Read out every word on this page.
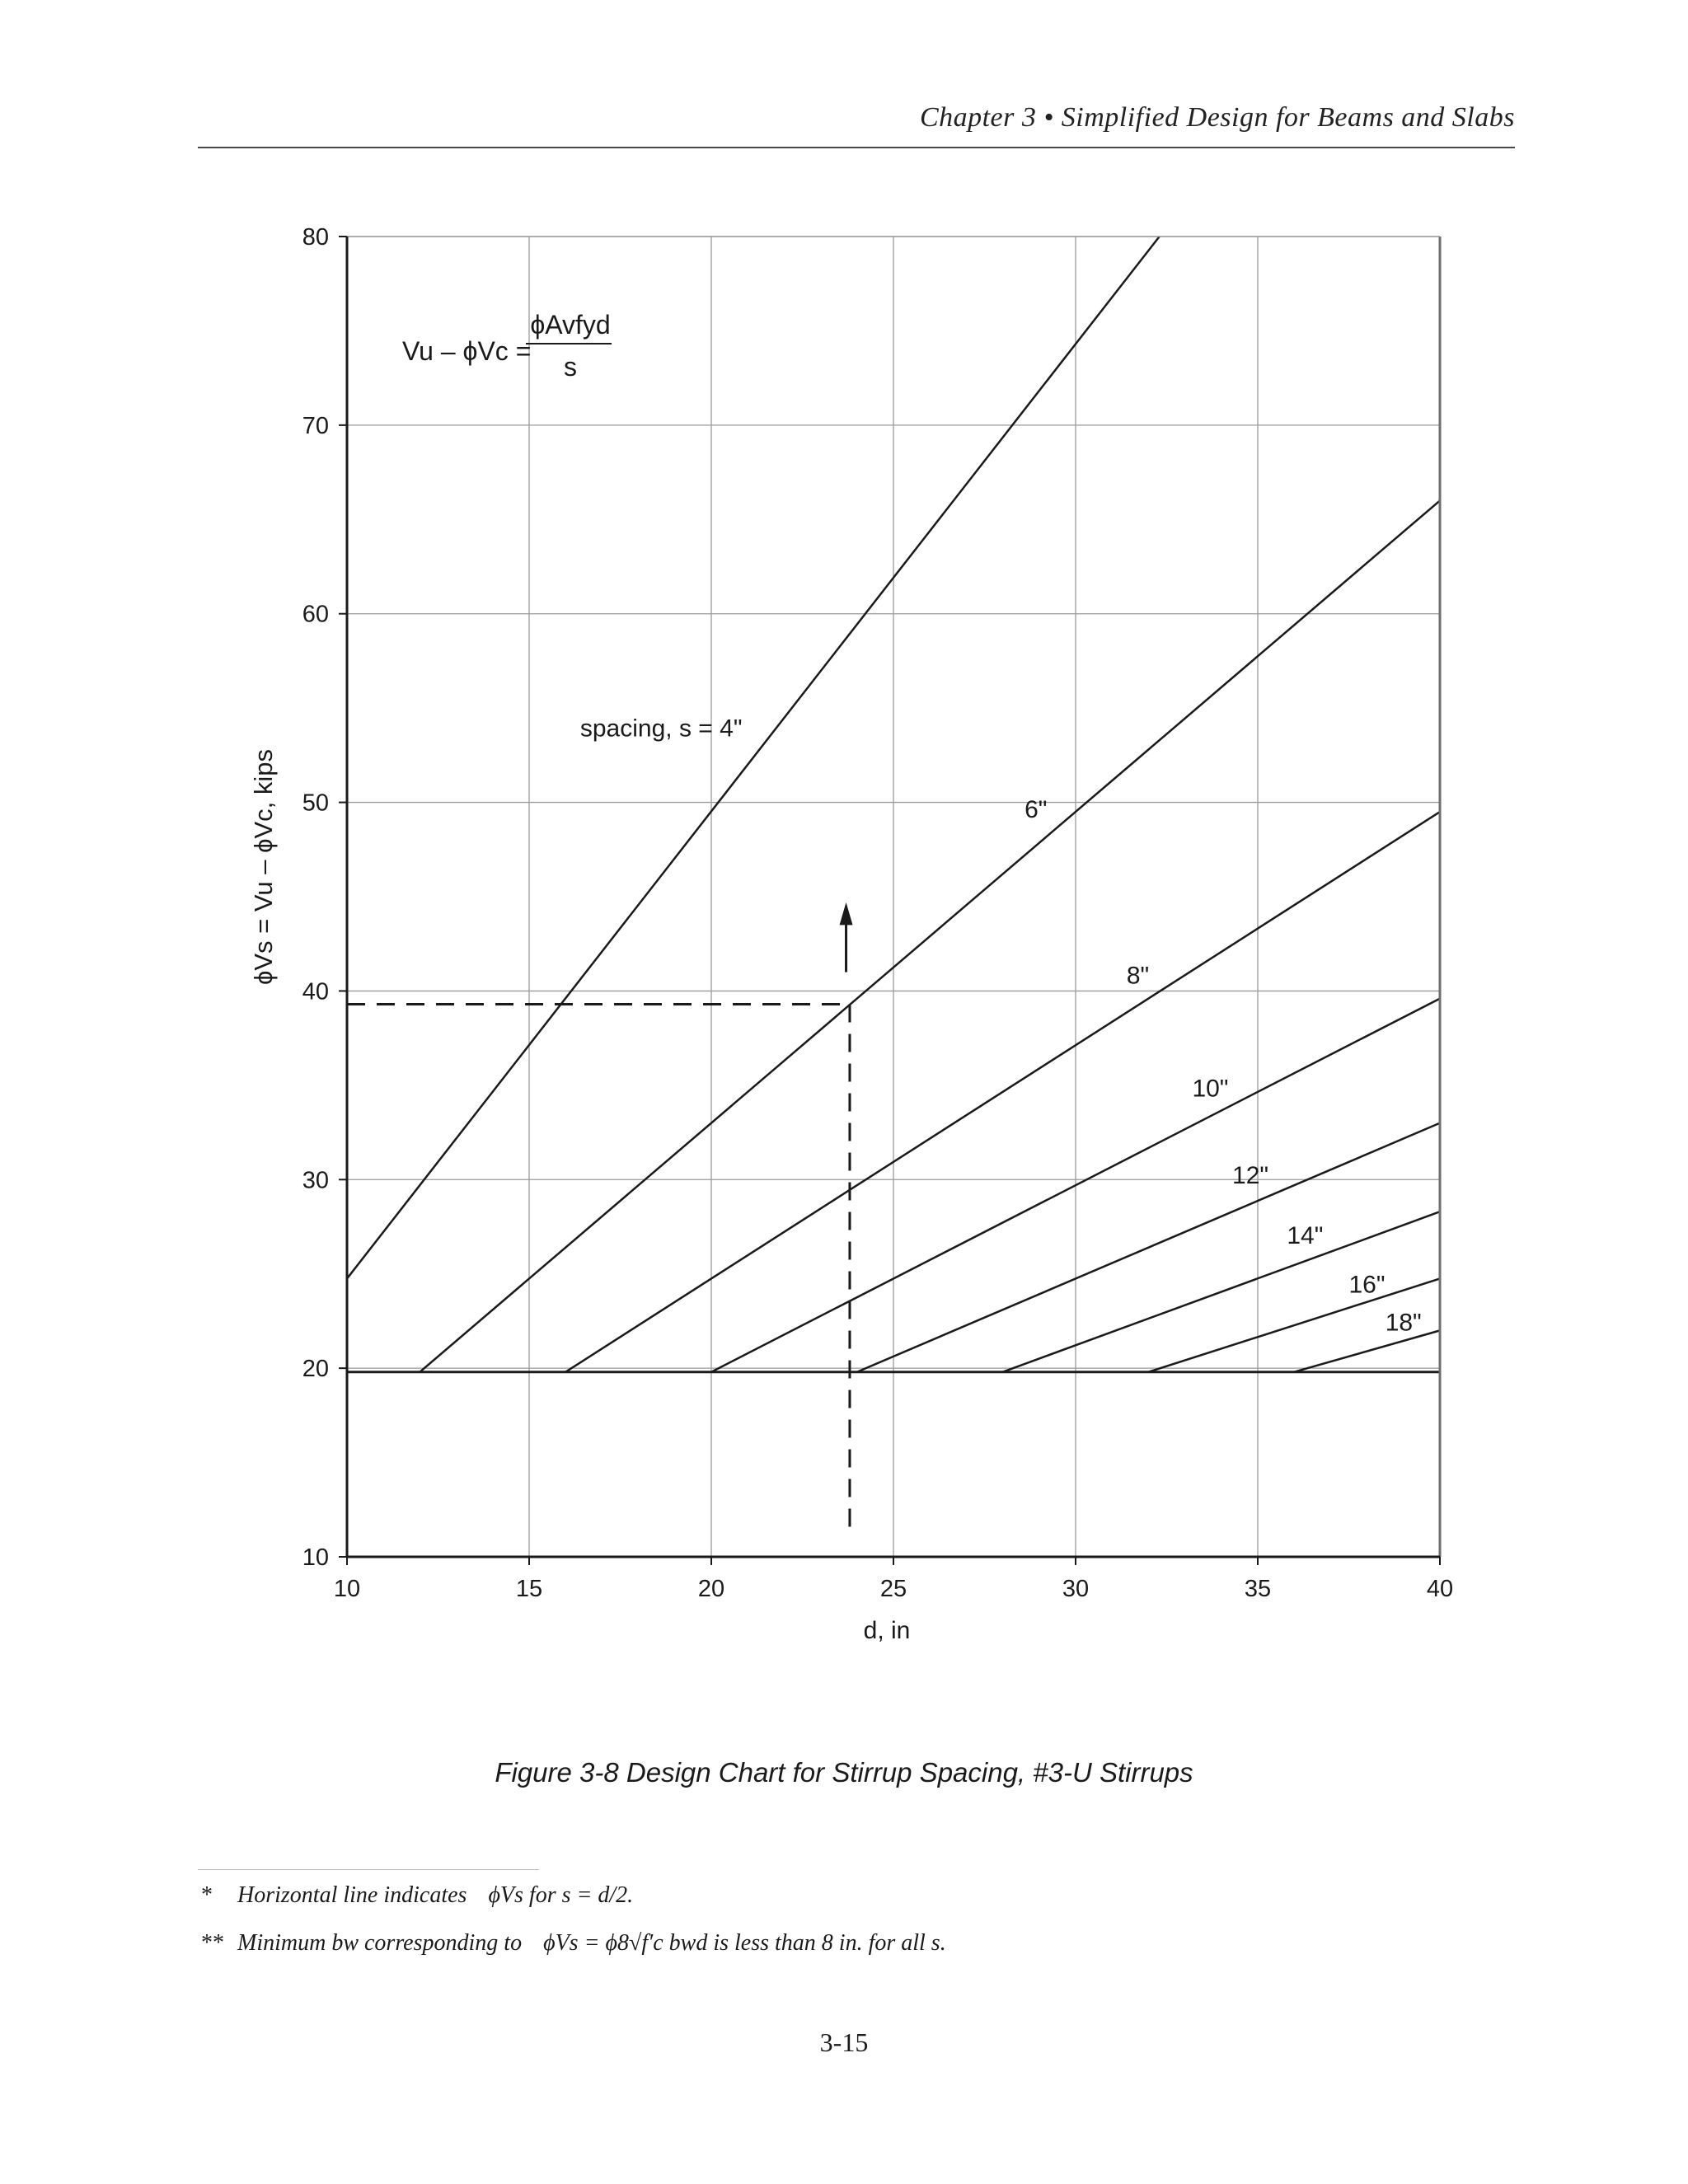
Chapter 3 • Simplified Design for Beams and Slabs
10	15	20	25	30	35	40
10
20
30
40
50
60
70
80
spacing, s = 4"
6"
8"
10"
12"
14"
16"
18"
d, in
ϕVs = Vu – ϕVc, kips
Vu – ϕVc =
ϕAvfyd
s
Figure 3-8 Design Chart for Stirrup Spacing, #3-U Stirrups
* Horizontal line indicates ϕVs for s = d/2.
** Minimum bw corresponding to ϕVs = ϕ8√f′c bwd is less than 8 in. for all s.
3-15
